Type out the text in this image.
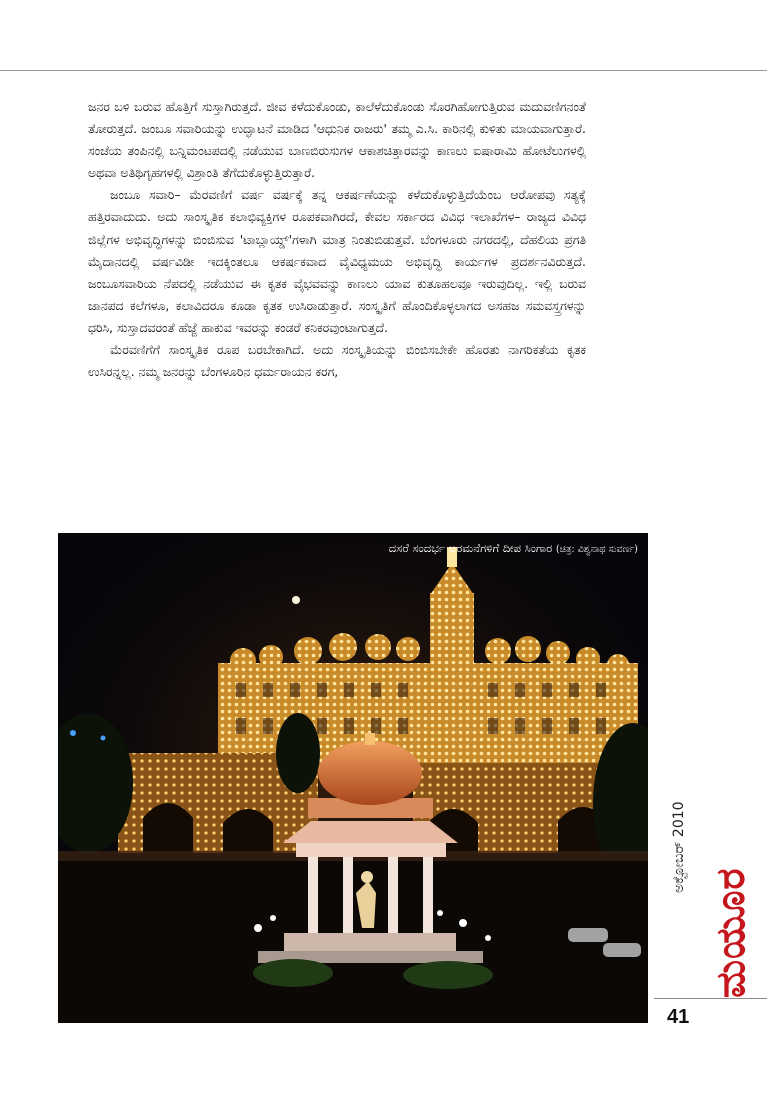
ಜನರ ಬಳಿ ಬರುವ ಹೊತ್ತಿಗೆ ಸುಸ್ತಾಗಿರುತ್ತದೆ. ಜೀವ ಕಳೆದುಕೊಂಡು, ಕಾಲೆಳೆದುಕೊಂಡು ಸೊರಗಿಹೋಗುತ್ತಿರುವ ಮದುವಣಿಗನಂತೆ ತೋರುತ್ತದೆ. ಜಂಬೂ ಸವಾರಿಯನ್ನು ಉದ್ಘಾಟನೆ ಮಾಡಿದ 'ಆಧುನಿಕ ರಾಜರು' ತಮ್ಮ ಎ.ಸಿ. ಕಾರಿನಲ್ಲಿ ಕುಳಿತು ಮಾಯವಾಗುತ್ತಾರೆ. ಸಂಜೆಯ ತಂಪಿನಲ್ಲಿ ಬನ್ನಿಮಂಟಪದಲ್ಲಿ ನಡೆಯುವ ಬಾಣಬಿರುಸುಗಳ ಆಕಾಶಚಿತ್ತಾರವನ್ನು ಕಾಣಲು ಐಷಾರಾಮಿ ಹೋಟೆಲುಗಳಲ್ಲಿ ಅಥವಾ ಅತಿಥಿಗೃಹಗಳಲ್ಲಿ ವಿಶ್ರಾಂತಿ ತೆಗೆದುಕೊಳ್ಳುತ್ತಿರುತ್ತಾರೆ.

ಜಂಬೂ ಸವಾರಿ– ಮೆರವಣಿಗೆ ವರ್ಷ ವರ್ಷಕ್ಕೆ ತನ್ನ ಆಕರ್ಷಣೆಯನ್ನು ಕಳೆದುಕೊಳ್ಳುತ್ತಿದೆಯೆಂಬ ಆರೋಪವು ಸತ್ಯಕ್ಕೆ ಹತ್ತಿರವಾದುದು. ಅದು ಸಾಂಸ್ಕೃತಿಕ ಕಲಾಭಿವ್ಯಕ್ತಿಗಳ ರೂಪಕವಾಗಿರದೆ, ಕೇವಲ ಸರ್ಕಾರದ ವಿವಿಧ ಇಲಾಖೆಗಳ– ರಾಜ್ಯದ ವಿವಿಧ ಜಿಲ್ಲೆಗಳ ಅಭಿವೃದ್ಧಿಗಳನ್ನು ಬಿಂಬಿಸುವ 'ಟಾಬ್ಲಾಯ್ಡ್'ಗಳಾಗಿ ಮಾತ್ರ ನಿಂತುಬಿಡುತ್ತವೆ. ಬೆಂಗಳೂರು ನಗರದಲ್ಲಿ, ದೆಹಲಿಯ ಪ್ರಗತಿ ಮೈದಾನದಲ್ಲಿ ವರ್ಷವಿಡೀ ಇದಕ್ಕಿಂತಲೂ ಆಕರ್ಷಕವಾದ ವೈವಿಧ್ಯಮಯ ಅಭಿವೃದ್ಧಿ ಕಾರ್ಯಗಳ ಪ್ರದರ್ಶನವಿರುತ್ತದೆ. ಜಂಬೂಸವಾರಿಯ ನೆಪದಲ್ಲಿ ನಡೆಯುವ ಈ ಕೃತಕ ವೈಭವವನ್ನು ಕಾಣಲು ಯಾವ ಕುತೂಹಲವೂ ಇರುವುದಿಲ್ಲ. ಇಲ್ಲಿ ಬರುವ ಜಾನಪದ ಕಲೆಗಳೂ, ಕಲಾವಿದರೂ ಕೂಡಾ ಕೃತಕ ಉಸಿರಾಡುತ್ತಾರೆ. ಸಂಸ್ಕೃತಿಗೆ ಹೊಂದಿಕೊಳ್ಳಲಾಗದ ಅಸಹಜ ಸಮವಸ್ತ್ರಗಳನ್ನು ಧರಿಸಿ, ಸುಸ್ತಾದವರಂತೆ ಹೆಜ್ಜೆ ಹಾಕುವ ಇವರನ್ನು ಕಂಡರೆ ಕನಿಕರವುಂಟಾಗುತ್ತದೆ.

ಮೆರವಣಿಗೆಗೆ ಸಾಂಸ್ಕೃತಿಕ ರೂಪ ಬರಬೇಕಾಗಿದೆ. ಅದು ಸಂಸ್ಕೃತಿಯನ್ನು ಬಿಂಬಿಸಬೇಕೇ ಹೊರತು ನಾಗರಿಕತೆಯ ಕೃತಕ ಉಸಿರನ್ನಲ್ಲ. ನಮ್ಮ ಜನರನ್ನು ಬೆಂಗಳೂರಿನ ಧರ್ಮರಾಯನ ಕರಗ,

ದಸರೆ ಸಂದರ್ಭ ಅರಮನೆಗಳಿಗೆ ದೀಪ ಸಿಂಗಾರ (ಚಿತ್ರ: ವಿಶ್ವನಾಥ ಸುವರ್ಣ)
ಅಕ್ಟೋಬರ್ 2010
ಮಯೂರ
41
